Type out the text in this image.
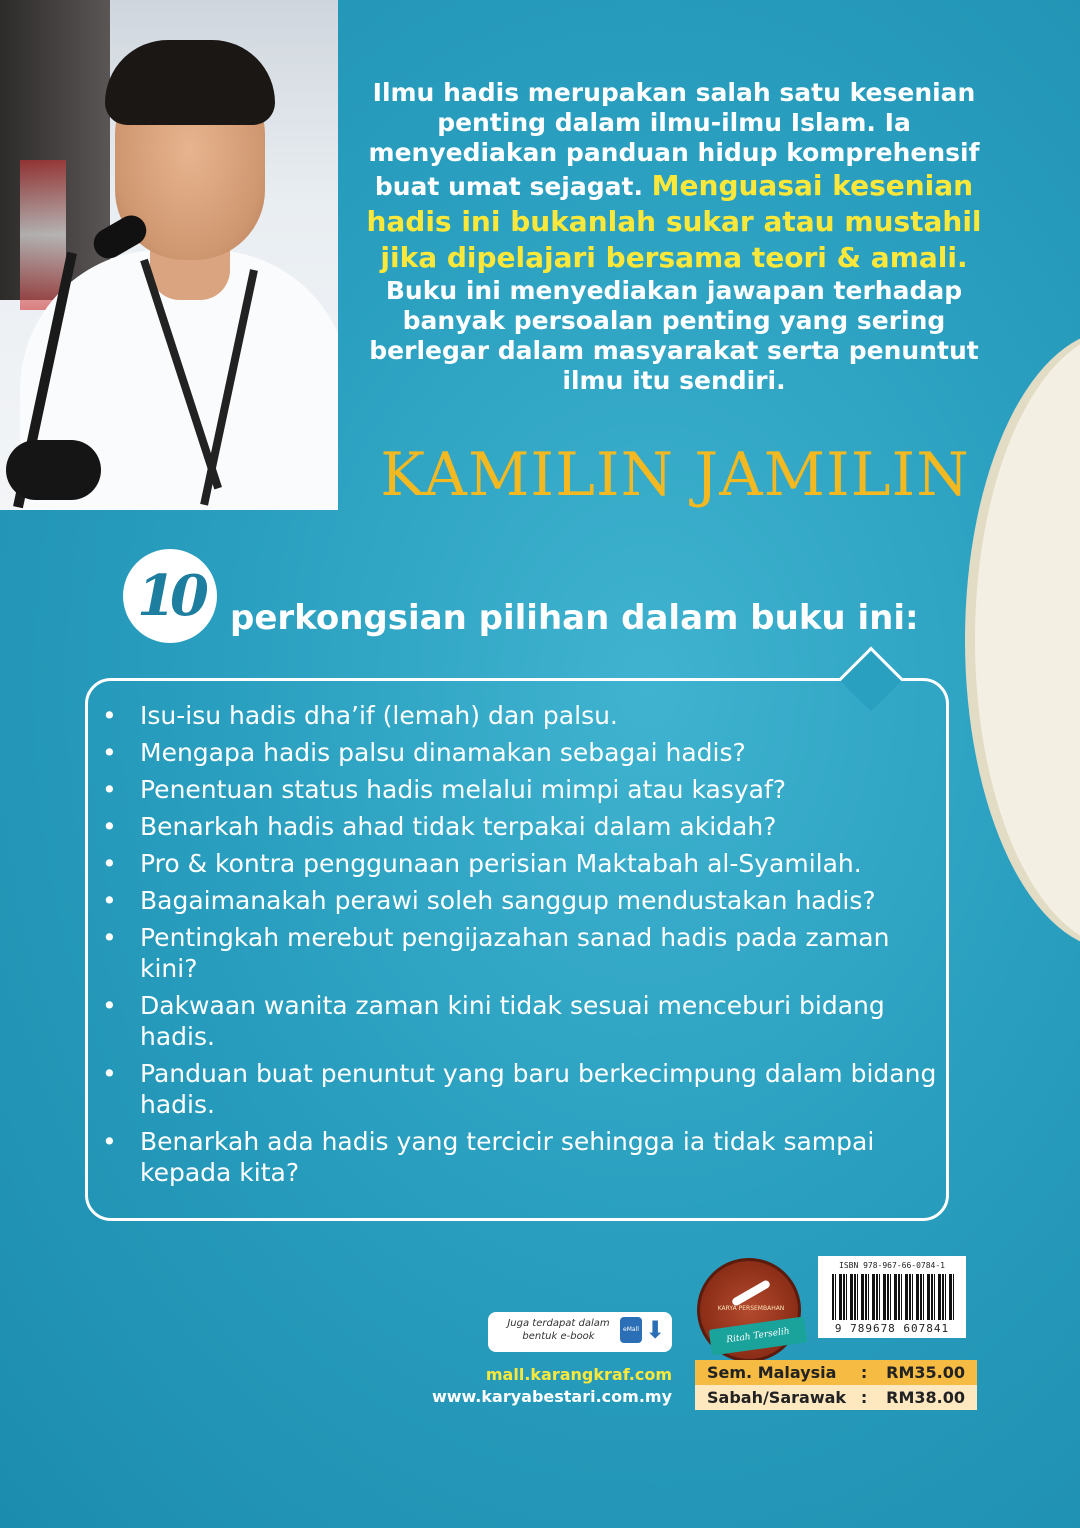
Ilmu hadis merupakan salah satu kesenian
penting dalam ilmu-ilmu Islam. Ia
menyediakan panduan hidup komprehensif
buat umat sejagat. Menguasai kesenian
hadis ini bukanlah sukar atau mustahil
jika dipelajari bersama teori & amali.
Buku ini menyediakan jawapan terhadap
banyak persoalan penting yang sering
berlegar dalam masyarakat serta penuntut
ilmu itu sendiri.
KAMILIN JAMILIN
10 perkongsian pilihan dalam buku ini:
• Isu-isu hadis dha’if (lemah) dan palsu.
• Mengapa hadis palsu dinamakan sebagai hadis?
• Penentuan status hadis melalui mimpi atau kasyaf?
• Benarkah hadis ahad tidak terpakai dalam akidah?
• Pro & kontra penggunaan perisian Maktabah al-Syamilah.
• Bagaimanakah perawi soleh sanggup mendustakan hadis?
• Pentingkah merebut pengijazahan sanad hadis pada zaman kini?
• Dakwaan wanita zaman kini tidak sesuai menceburi bidang hadis.
• Panduan buat penuntut yang baru berkecimpung dalam bidang hadis.
• Benarkah ada hadis yang tercicir sehingga ia tidak sampai kepada kita?
Juga terdapat dalam
bentuk e-book
eMall ⬇
mall.karangkraf.com
www.karyabestari.com.my
KARYA PERSEMBAHAN
Ritah Terselih
ISBN 978-967-66-0784-1
9 789678 607841
Sem. Malaysia	:	RM35.00
Sabah/Sarawak :	RM38.00
